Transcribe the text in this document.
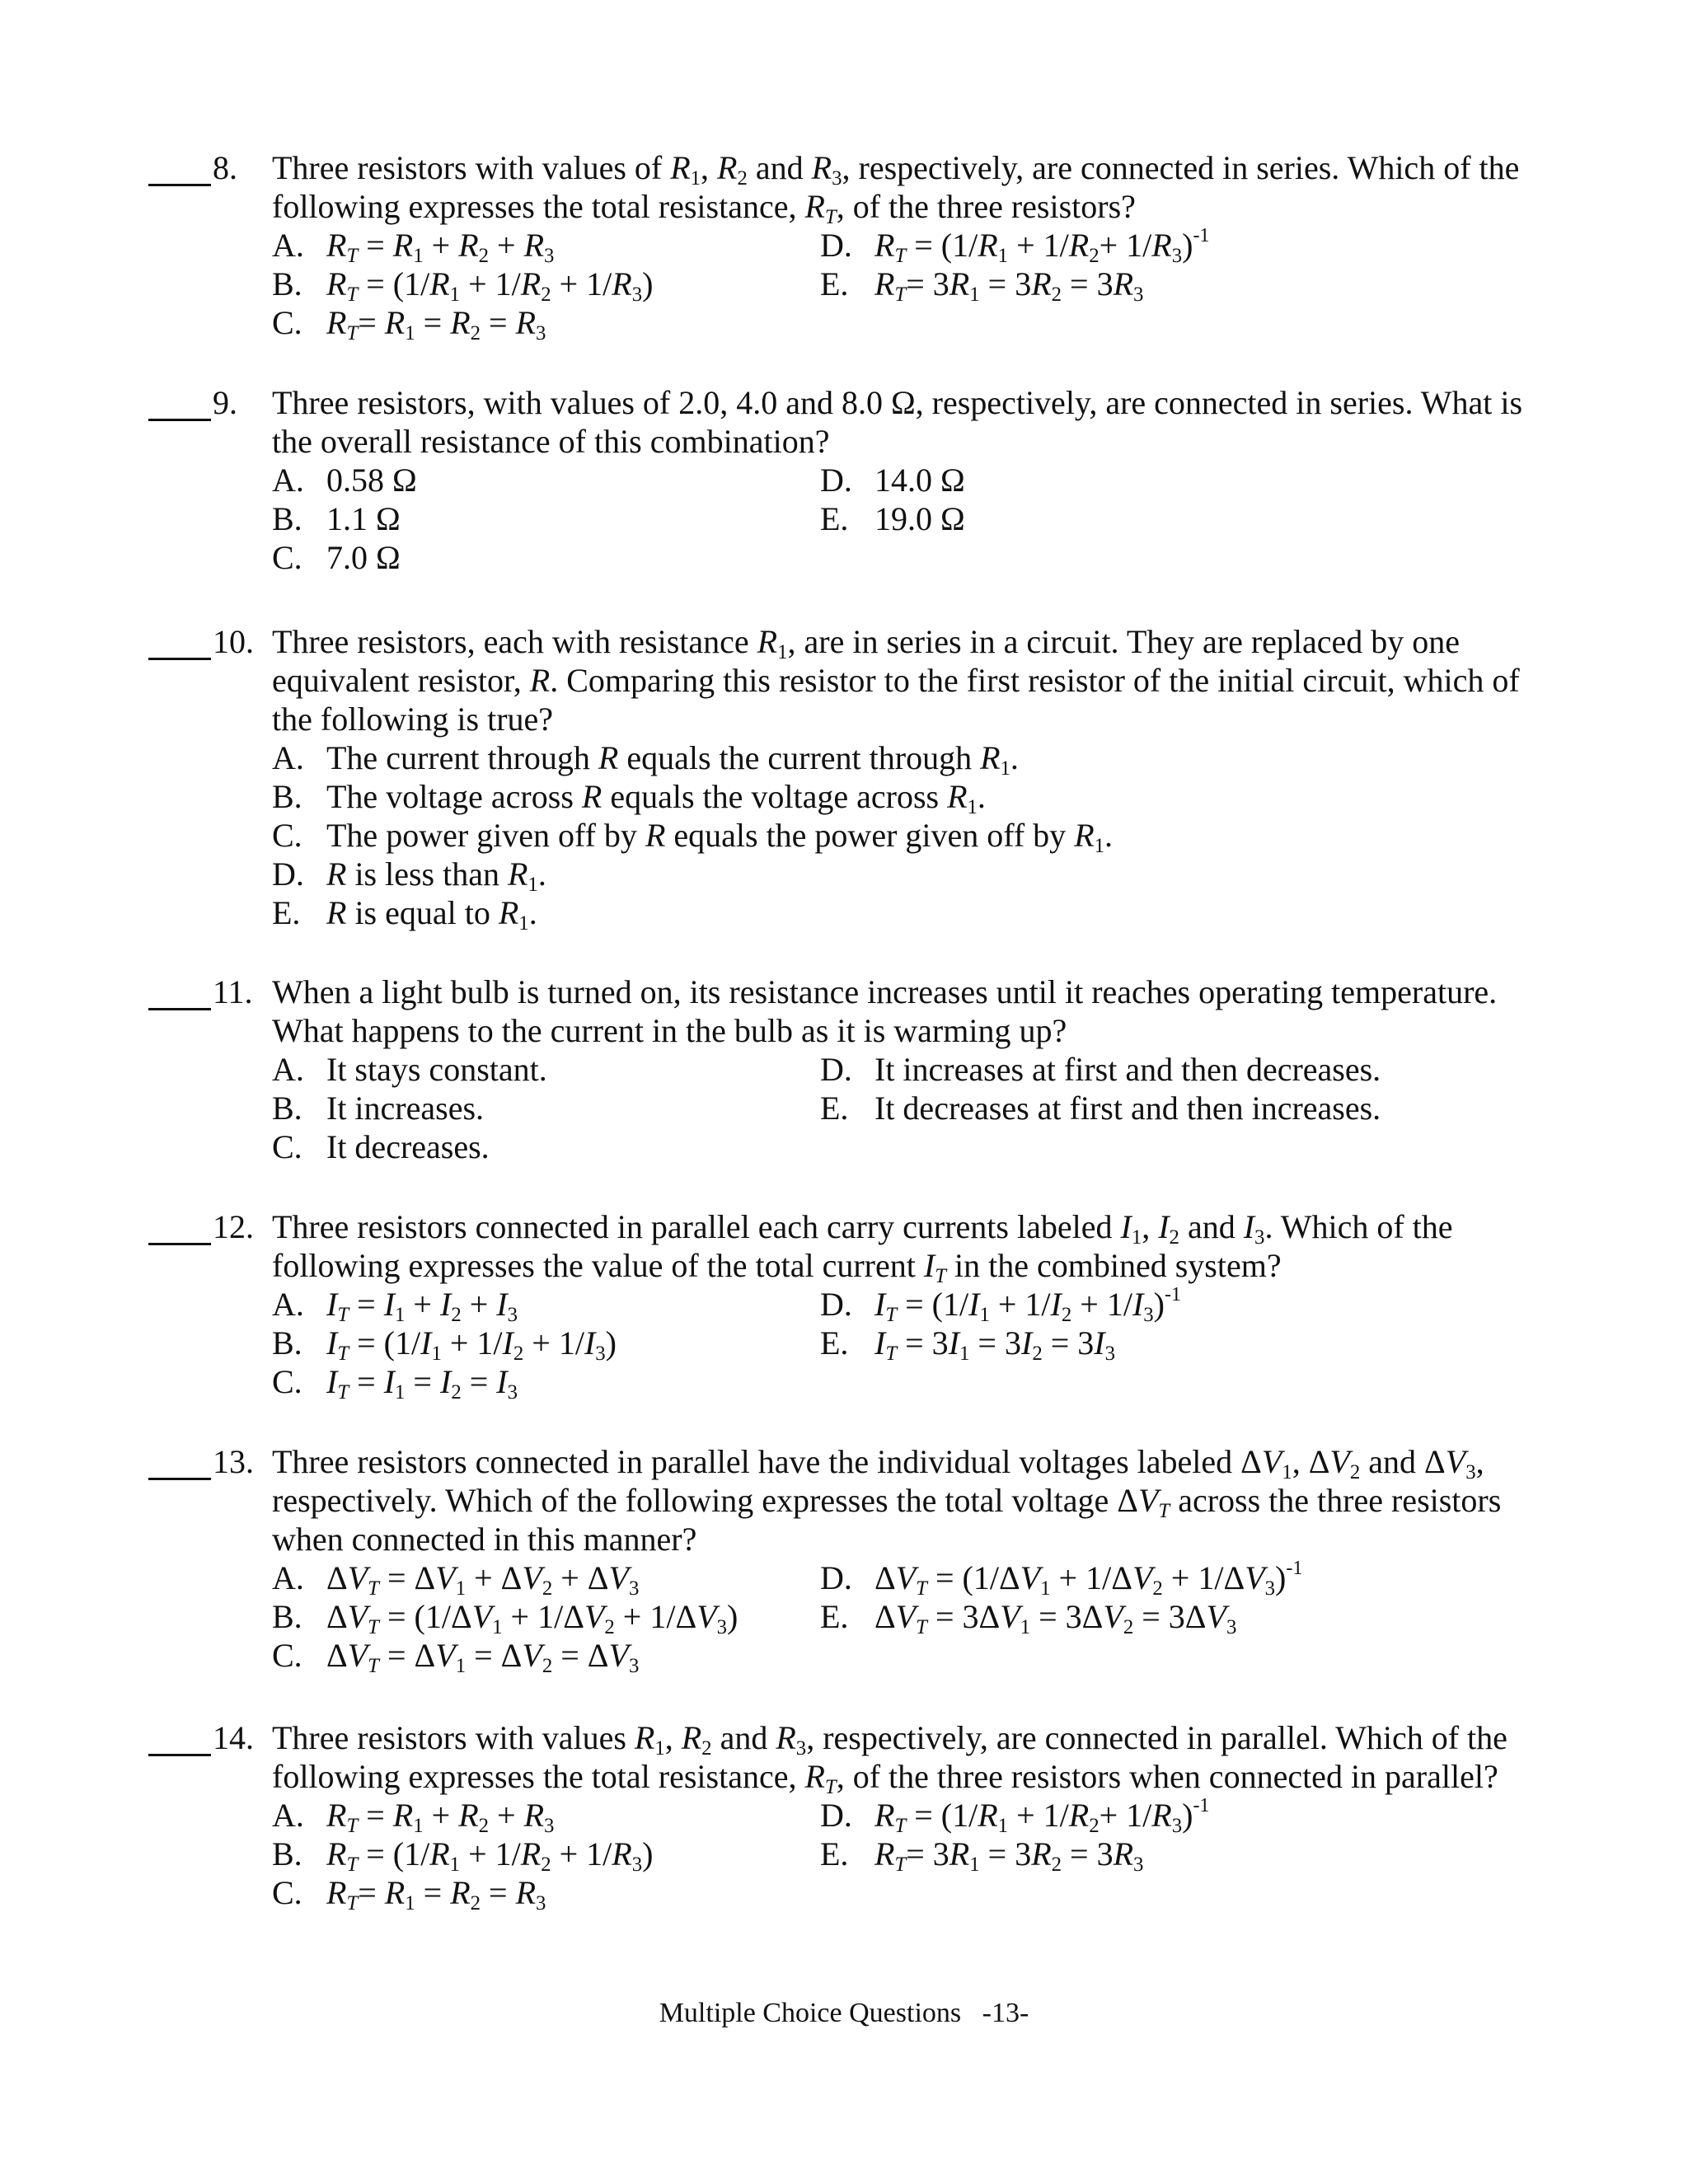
8.	Three resistors with values of $R_1$, $R_2$ and $R_3$, respectively, are connected in series. Which of the following expresses the total resistance, $R_T$, of the three resistors?
A. $R_T = R_1 + R_2 + R_3$	D. $R_T = (1/R_1 + 1/R_2+ 1/R_3)^{-1}$
B. $R_T = (1/R_1 + 1/R_2 + 1/R_3)$	E. $R_T= 3R_1 = 3R_2 = 3R_3$
C. $R_T= R_1 = R_2 = R_3$
9.	Three resistors, with values of 2.0, 4.0 and 8.0 Ω, respectively, are connected in series. What is the overall resistance of this combination?
A. 0.58 Ω	D. 14.0 Ω
B. 1.1 Ω	E. 19.0 Ω
C. 7.0 Ω
10. Three resistors, each with resistance $R_1$, are in series in a circuit. They are replaced by one equivalent resistor, R. Comparing this resistor to the first resistor of the initial circuit, which of the following is true?
A. The current through R equals the current through $R_1$.
B. The voltage across R equals the voltage across $R_1$.
C. The power given off by R equals the power given off by $R_1$.
D. R is less than $R_1$.
E. R is equal to $R_1$.
11. When a light bulb is turned on, its resistance increases until it reaches operating temperature. What happens to the current in the bulb as it is warming up?
A. It stays constant.	D. It increases at first and then decreases.
B. It increases.	E. It decreases at first and then increases.
C. It decreases.
12. Three resistors connected in parallel each carry currents labeled $I_1$, $I_2$ and $I_3$. Which of the following expresses the value of the total current $I_T$ in the combined system?
A. $I_T = I_1 + I_2 + I_3$	D. $I_T = (1/I_1 + 1/I_2 + 1/I_3)^{-1}$
B. $I_T = (1/I_1 + 1/I_2 + 1/I_3)$	E. $I_T = 3I_1 = 3I_2 = 3I_3$
C. $I_T = I_1 = I_2 = I_3$
13. Three resistors connected in parallel have the individual voltages labeled $\Delta V_1$, $\Delta V_2$ and $\Delta V_3$, respectively. Which of the following expresses the total voltage $\Delta V_T$ across the three resistors when connected in this manner?
A. $\Delta V_T = \Delta V_1 + \Delta V_2 + \Delta V_3$	D. $\Delta V_T = (1/\Delta V_1 + 1/\Delta V_2 + 1/\Delta V_3)^{-1}$
B. $\Delta V_T = (1/\Delta V_1 + 1/\Delta V_2 + 1/\Delta V_3)$ E. $\Delta V_T = 3\Delta V_1 = 3\Delta V_2 = 3\Delta V_3$
C. $\Delta V_T = \Delta V_1 = \Delta V_2 = \Delta V_3$
14. Three resistors with values $R_1$, $R_2$ and $R_3$, respectively, are connected in parallel. Which of the following expresses the total resistance, $R_T$, of the three resistors when connected in parallel?
A. $R_T = R_1 + R_2 + R_3$	D. $R_T = (1/R_1 + 1/R_2+ 1/R_3)^{-1}$
B. $R_T = (1/R_1 + 1/R_2 + 1/R_3)$	E. $R_T= 3R_1 = 3R_2 = 3R_3$
C. $R_T= R_1 = R_2 = R_3$
Multiple Choice Questions -13-
